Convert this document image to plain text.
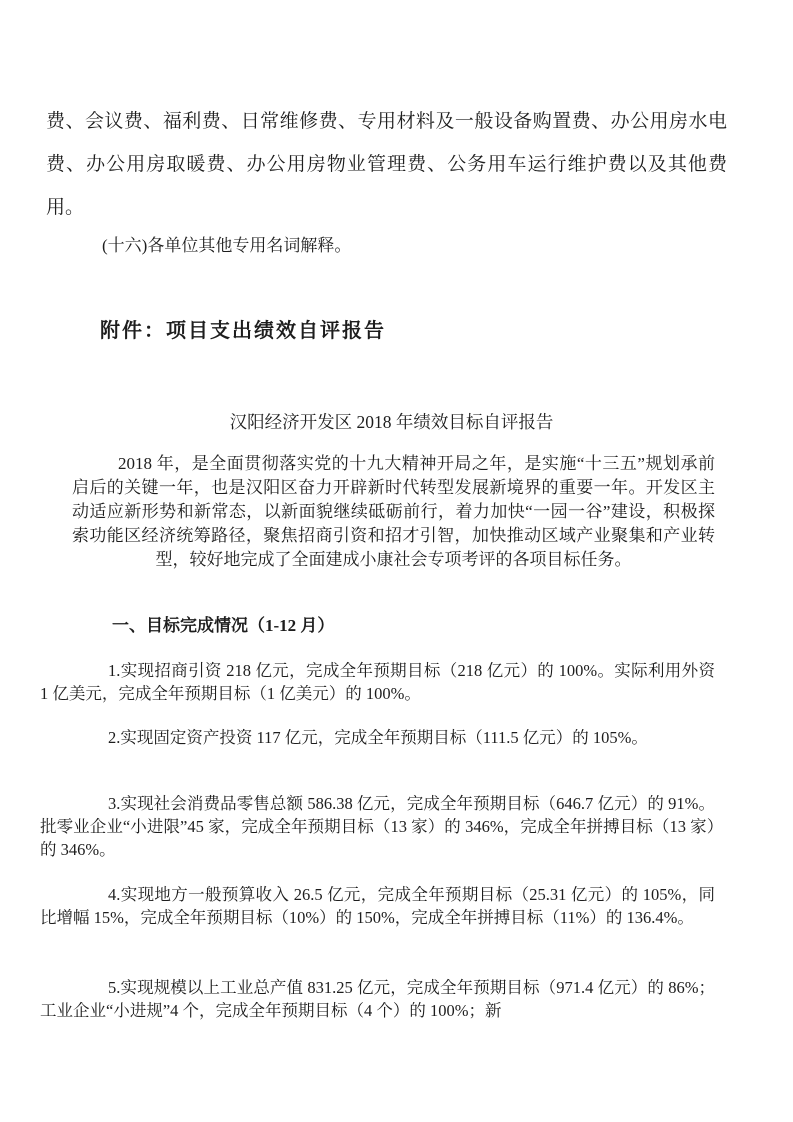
费、会议费、福利费、日常维修费、专用材料及一般设备购置费、办公用房水电费、办公用房取暖费、办公用房物业管理费、公务用车运行维护费以及其他费用。

(十六)各单位其他专用名词解释。

附件：项目支出绩效自评报告

汉阳经济开发区 2018 年绩效目标自评报告

2018 年，是全面贯彻落实党的十九大精神开局之年，是实施“十三五”规划承前启后的关键一年，也是汉阳区奋力开辟新时代转型发展新境界的重要一年。开发区主动适应新形势和新常态，以新面貌继续砥砺前行，着力加快“一园一谷”建设，积极探索功能区经济统筹路径，聚焦招商引资和招才引智，加快推动区域产业聚集和产业转型，较好地完成了全面建成小康社会专项考评的各项目标任务。

一、目标完成情况（1-12 月）

1.实现招商引资 218 亿元，完成全年预期目标（218 亿元）的 100%。实际利用外资 1 亿美元，完成全年预期目标（1 亿美元）的 100%。

2.实现固定资产投资 117 亿元，完成全年预期目标（111.5 亿元）的 105%。

3.实现社会消费品零售总额 586.38 亿元，完成全年预期目标（646.7 亿元）的 91%。批零业企业“小进限”45 家，完成全年预期目标（13 家）的 346%，完成全年拼搏目标（13 家）的 346%。

4.实现地方一般预算收入 26.5 亿元，完成全年预期目标（25.31 亿元）的 105%，同比增幅 15%，完成全年预期目标（10%）的 150%，完成全年拼搏目标（11%）的 136.4%。

5.实现规模以上工业总产值 831.25 亿元，完成全年预期目标（971.4 亿元）的 86%；工业企业“小进规”4 个，完成全年预期目标（4 个）的 100%；新
